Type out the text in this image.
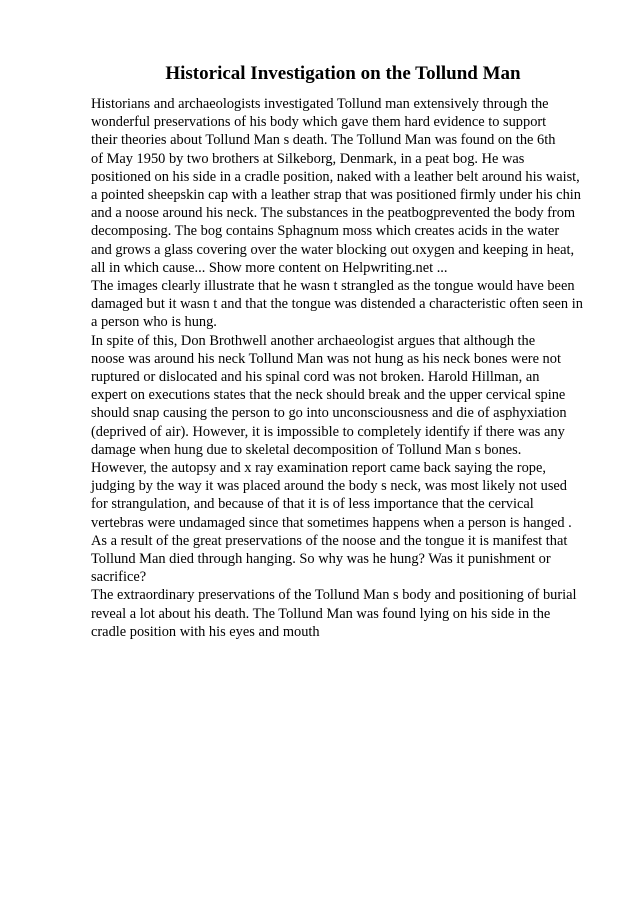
Historical Investigation on the Tollund Man
Historians and archaeologists investigated Tollund man extensively through the
wonderful preservations of his body which gave them hard evidence to support
their theories about Tollund Man s death. The Tollund Man was found on the 6th
of May 1950 by two brothers at Silkeborg, Denmark, in a peat bog. He was
positioned on his side in a cradle position, naked with a leather belt around his waist,
a pointed sheepskin cap with a leather strap that was positioned firmly under his chin
and a noose around his neck. The substances in the peatbogprevented the body from
decomposing. The bog contains Sphagnum moss which creates acids in the water
and grows a glass covering over the water blocking out oxygen and keeping in heat,
all in which cause... Show more content on Helpwriting.net ...
The images clearly illustrate that he wasn t strangled as the tongue would have been
damaged but it wasn t and that the tongue was distended a characteristic often seen in
a person who is hung.
In spite of this, Don Brothwell another archaeologist argues that although the
noose was around his neck Tollund Man was not hung as his neck bones were not
ruptured or dislocated and his spinal cord was not broken. Harold Hillman, an
expert on executions states that the neck should break and the upper cervical spine
should snap causing the person to go into unconsciousness and die of asphyxiation
(deprived of air). However, it is impossible to completely identify if there was any
damage when hung due to skeletal decomposition of Tollund Man s bones.
However, the autopsy and x ray examination report came back saying the rope,
judging by the way it was placed around the body s neck, was most likely not used
for strangulation, and because of that it is of less importance that the cervical
vertebras were undamaged since that sometimes happens when a person is hanged .
As a result of the great preservations of the noose and the tongue it is manifest that
Tollund Man died through hanging. So why was he hung? Was it punishment or
sacrifice?
The extraordinary preservations of the Tollund Man s body and positioning of burial
reveal a lot about his death. The Tollund Man was found lying on his side in the
cradle position with his eyes and mouth
